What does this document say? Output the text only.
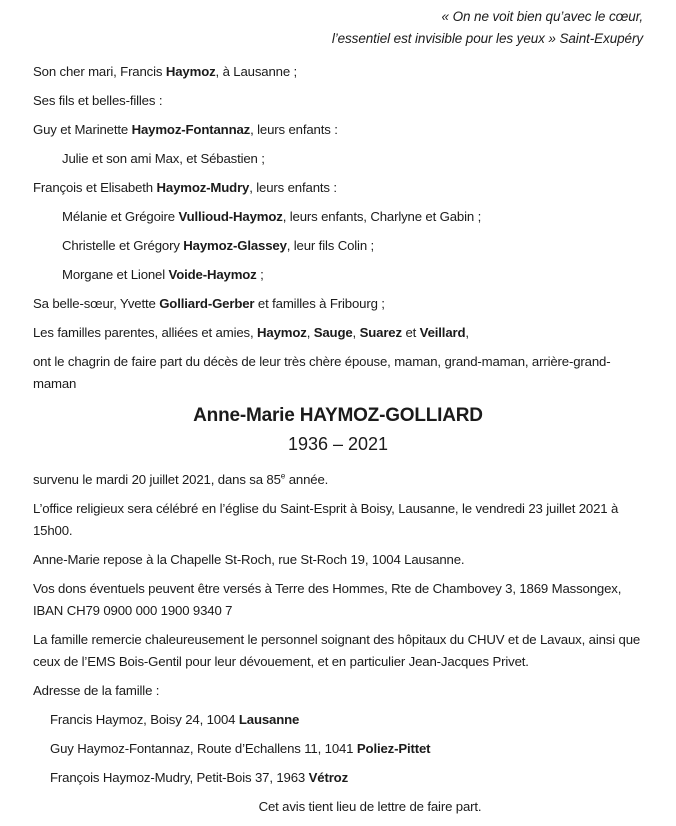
« On ne voit bien qu’avec le cœur,
l’essentiel est invisible pour les yeux » Saint-Exupéry
Son cher mari, Francis Haymoz, à Lausanne ;
Ses fils et belles-filles :
Guy et Marinette Haymoz-Fontannaz, leurs enfants :
Julie et son ami Max, et Sébastien ;
François et Elisabeth Haymoz-Mudry, leurs enfants :
Mélanie et Grégoire Vullioud-Haymoz, leurs enfants, Charlyne et Gabin ;
Christelle et Grégory Haymoz-Glassey, leur fils Colin ;
Morgane et Lionel Voide-Haymoz ;
Sa belle-sœur, Yvette Golliard-Gerber et familles à Fribourg ;
Les familles parentes, alliées et amies, Haymoz, Sauge, Suarez et Veillard,
ont le chagrin de faire part du décès de leur très chère épouse, maman, grand-maman, arrière-grand-maman
Anne-Marie HAYMOZ-GOLLIARD
1936 – 2021
survenu le mardi 20 juillet 2021, dans sa 85e année.
L’office religieux sera célébré en l’église du Saint-Esprit à Boisy, Lausanne, le vendredi 23 juillet 2021 à 15h00.
Anne-Marie repose à la Chapelle St-Roch, rue St-Roch 19, 1004 Lausanne.
Vos dons éventuels peuvent être versés à Terre des Hommes, Rte de Chambovey 3, 1869 Massongex, IBAN CH79 0900 000 1900 9340 7
La famille remercie chaleureusement le personnel soignant des hôpitaux du CHUV et de Lavaux, ainsi que ceux de l’EMS Bois-Gentil pour leur dévouement, et en particulier Jean-Jacques Privet.
Adresse de la famille :
Francis Haymoz, Boisy 24, 1004 Lausanne
Guy Haymoz-Fontannaz, Route d’Echallens 11, 1041 Poliez-Pittet
François Haymoz-Mudry, Petit-Bois 37, 1963 Vétroz
Cet avis tient lieu de lettre de faire part.
